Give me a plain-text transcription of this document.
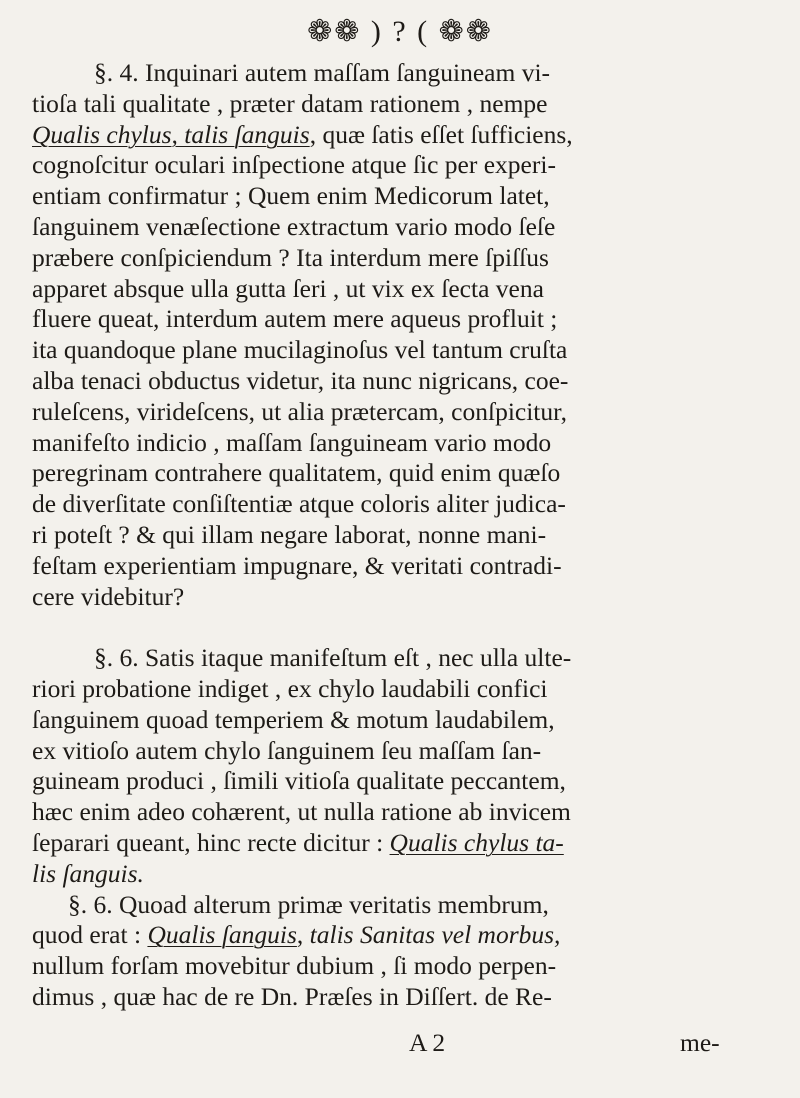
❁❁ ) ? ( ❁❁
§. 4. Inquinari autem maſſam ſanguineam vi-
tioſa tali qualitate , præter datam rationem , nempe
Qualis chylus, talis ſanguis, quæ ſatis eſſet ſufficiens,
cognoſcitur oculari inſpectione atque ſic per experi-
entiam confirmatur ; Quem enim Medicorum latet,
ſanguinem venæſectione extractum vario modo ſeſe
præbere conſpiciendum ? Ita interdum mere ſpiſſus
apparet absque ulla gutta ſeri , ut vix ex ſecta vena
fluere queat, interdum autem mere aqueus profluit ;
ita quandoque plane mucilaginoſus vel tantum cruſta
alba tenaci obductus videtur, ita nunc nigricans, coe-
ruleſcens, virideſcens, ut alia prætercam, conſpicitur,
manifeſto indicio , maſſam ſanguineam vario modo
peregrinam contrahere qualitatem, quid enim quæſo
de diverſitate conſiſtentiæ atque coloris aliter judica-
ri poteſt ? & qui illam negare laborat, nonne mani-
feſtam experientiam impugnare, & veritati contradi-
cere videbitur?
§. 6. Satis itaque manifeſtum eſt , nec ulla ulte-
riori probatione indiget , ex chylo laudabili confici
ſanguinem quoad temperiem & motum laudabilem,
ex vitioſo autem chylo ſanguinem ſeu maſſam ſan-
guineam produci , ſimili vitioſa qualitate peccantem,
hæc enim adeo cohærent, ut nulla ratione ab invicem
ſeparari queant, hinc recte dicitur : Qualis chylus ta-
lis ſanguis.
§. 6. Quoad alterum primæ veritatis membrum,
quod erat : Qualis ſanguis, talis Sanitas vel morbus,
nullum forſam movebitur dubium , ſi modo perpen-
dimus , quæ hac de re Dn. Præſes in Diſſert. de Re-
A 2	me-
